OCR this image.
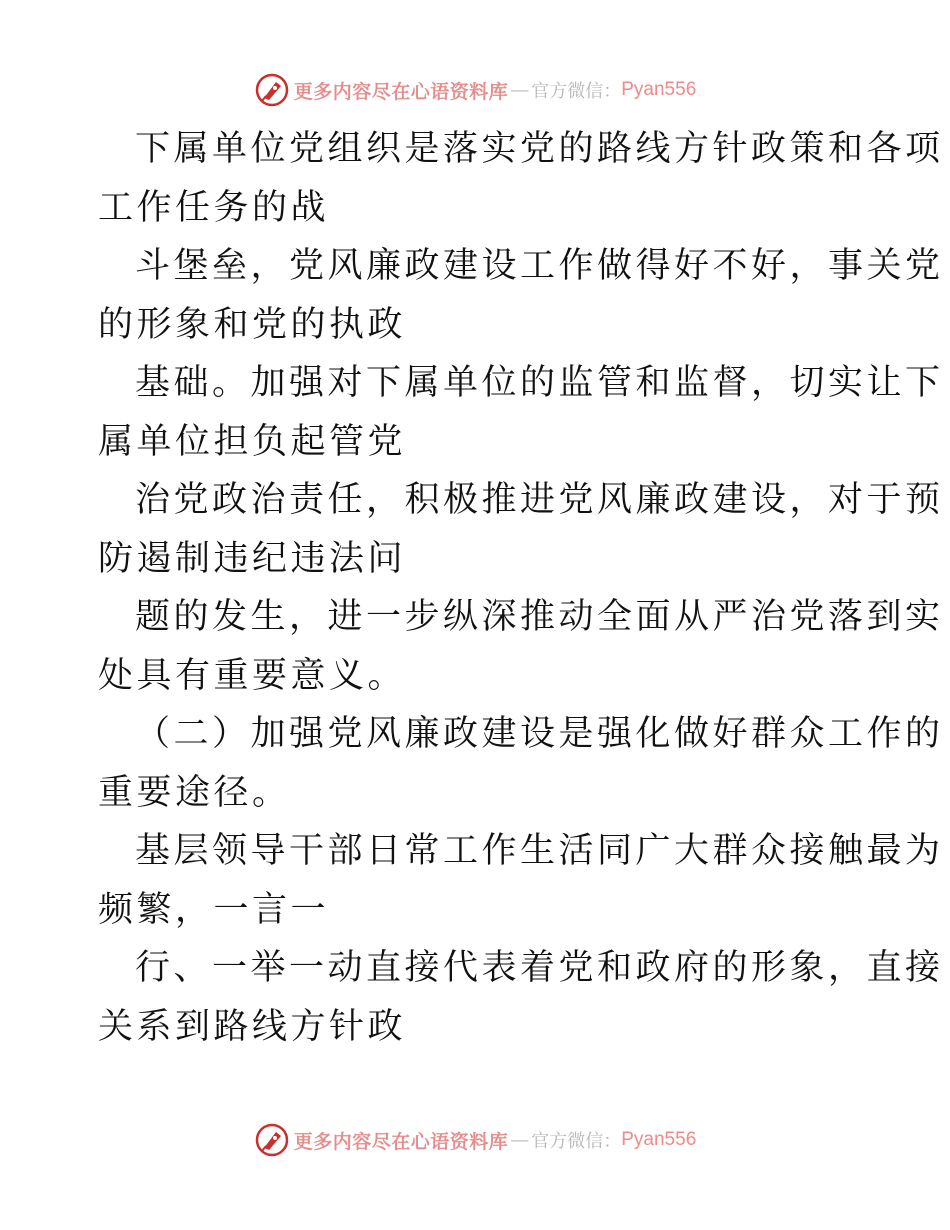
更多内容尽在心语资料库 — 官方微信： Pyan556
下属单位党组织是落实党的路线方针政策和各项
工作任务的战
斗堡垒，党风廉政建设工作做得好不好，事关党
的形象和党的执政
基础。加强对下属单位的监管和监督，切实让下
属单位担负起管党
治党政治责任，积极推进党风廉政建设，对于预
防遏制违纪违法问
题的发生，进一步纵深推动全面从严治党落到实
处具有重要意义。
（二）加强党风廉政建设是强化做好群众工作的
重要途径。
基层领导干部日常工作生活同广大群众接触最为
频繁，一言一
行、一举一动直接代表着党和政府的形象，直接
关系到路线方针政
更多内容尽在心语资料库 — 官方微信： Pyan556
